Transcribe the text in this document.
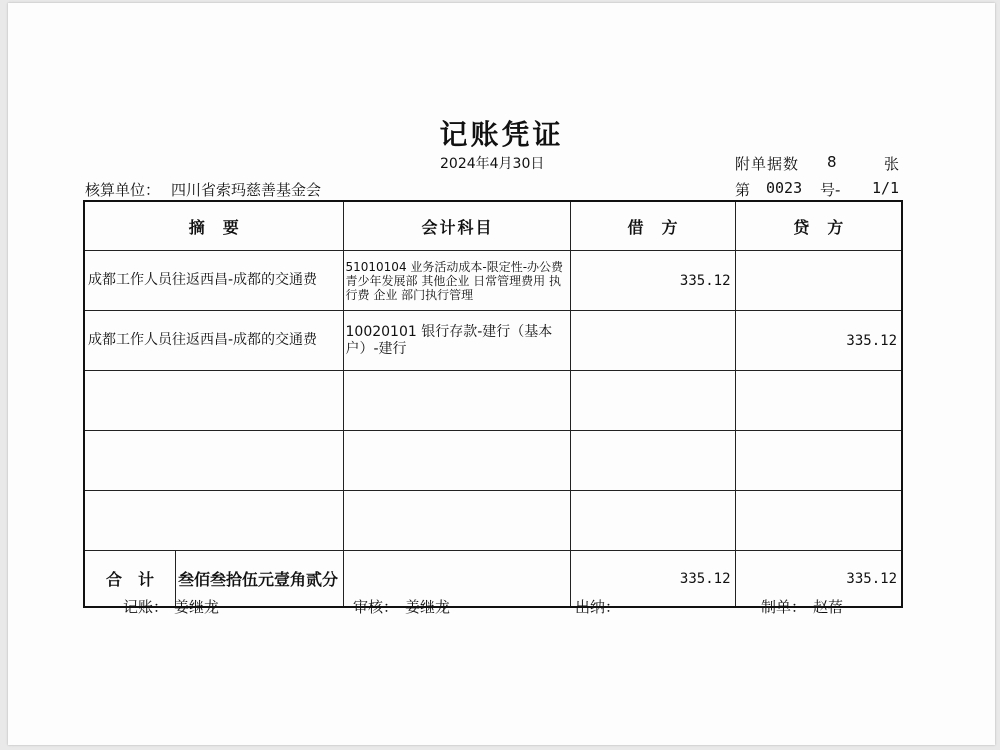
记账凭证
2024年4月30日	附单据数 8	张
核算单位： 四川省索玛慈善基金会	第 0023 号- 1/1
摘要	会计科目	借方	贷方
成都工作人员往返西昌-成都的交通费	51010104 业务活动成本-限定性-办公费 青少年发展部 其他企业 日常管理费用 执行费 企业 部门执行管理	335.12	
成都工作人员往返西昌-成都的交通费	10020101 银行存款-建行（基本户）-建行		335.12

合计 叁佰叁拾伍元壹角贰分		335.12	335.12
记账： 姜继龙	审核： 姜继龙	出纳：	制单： 赵蓓
